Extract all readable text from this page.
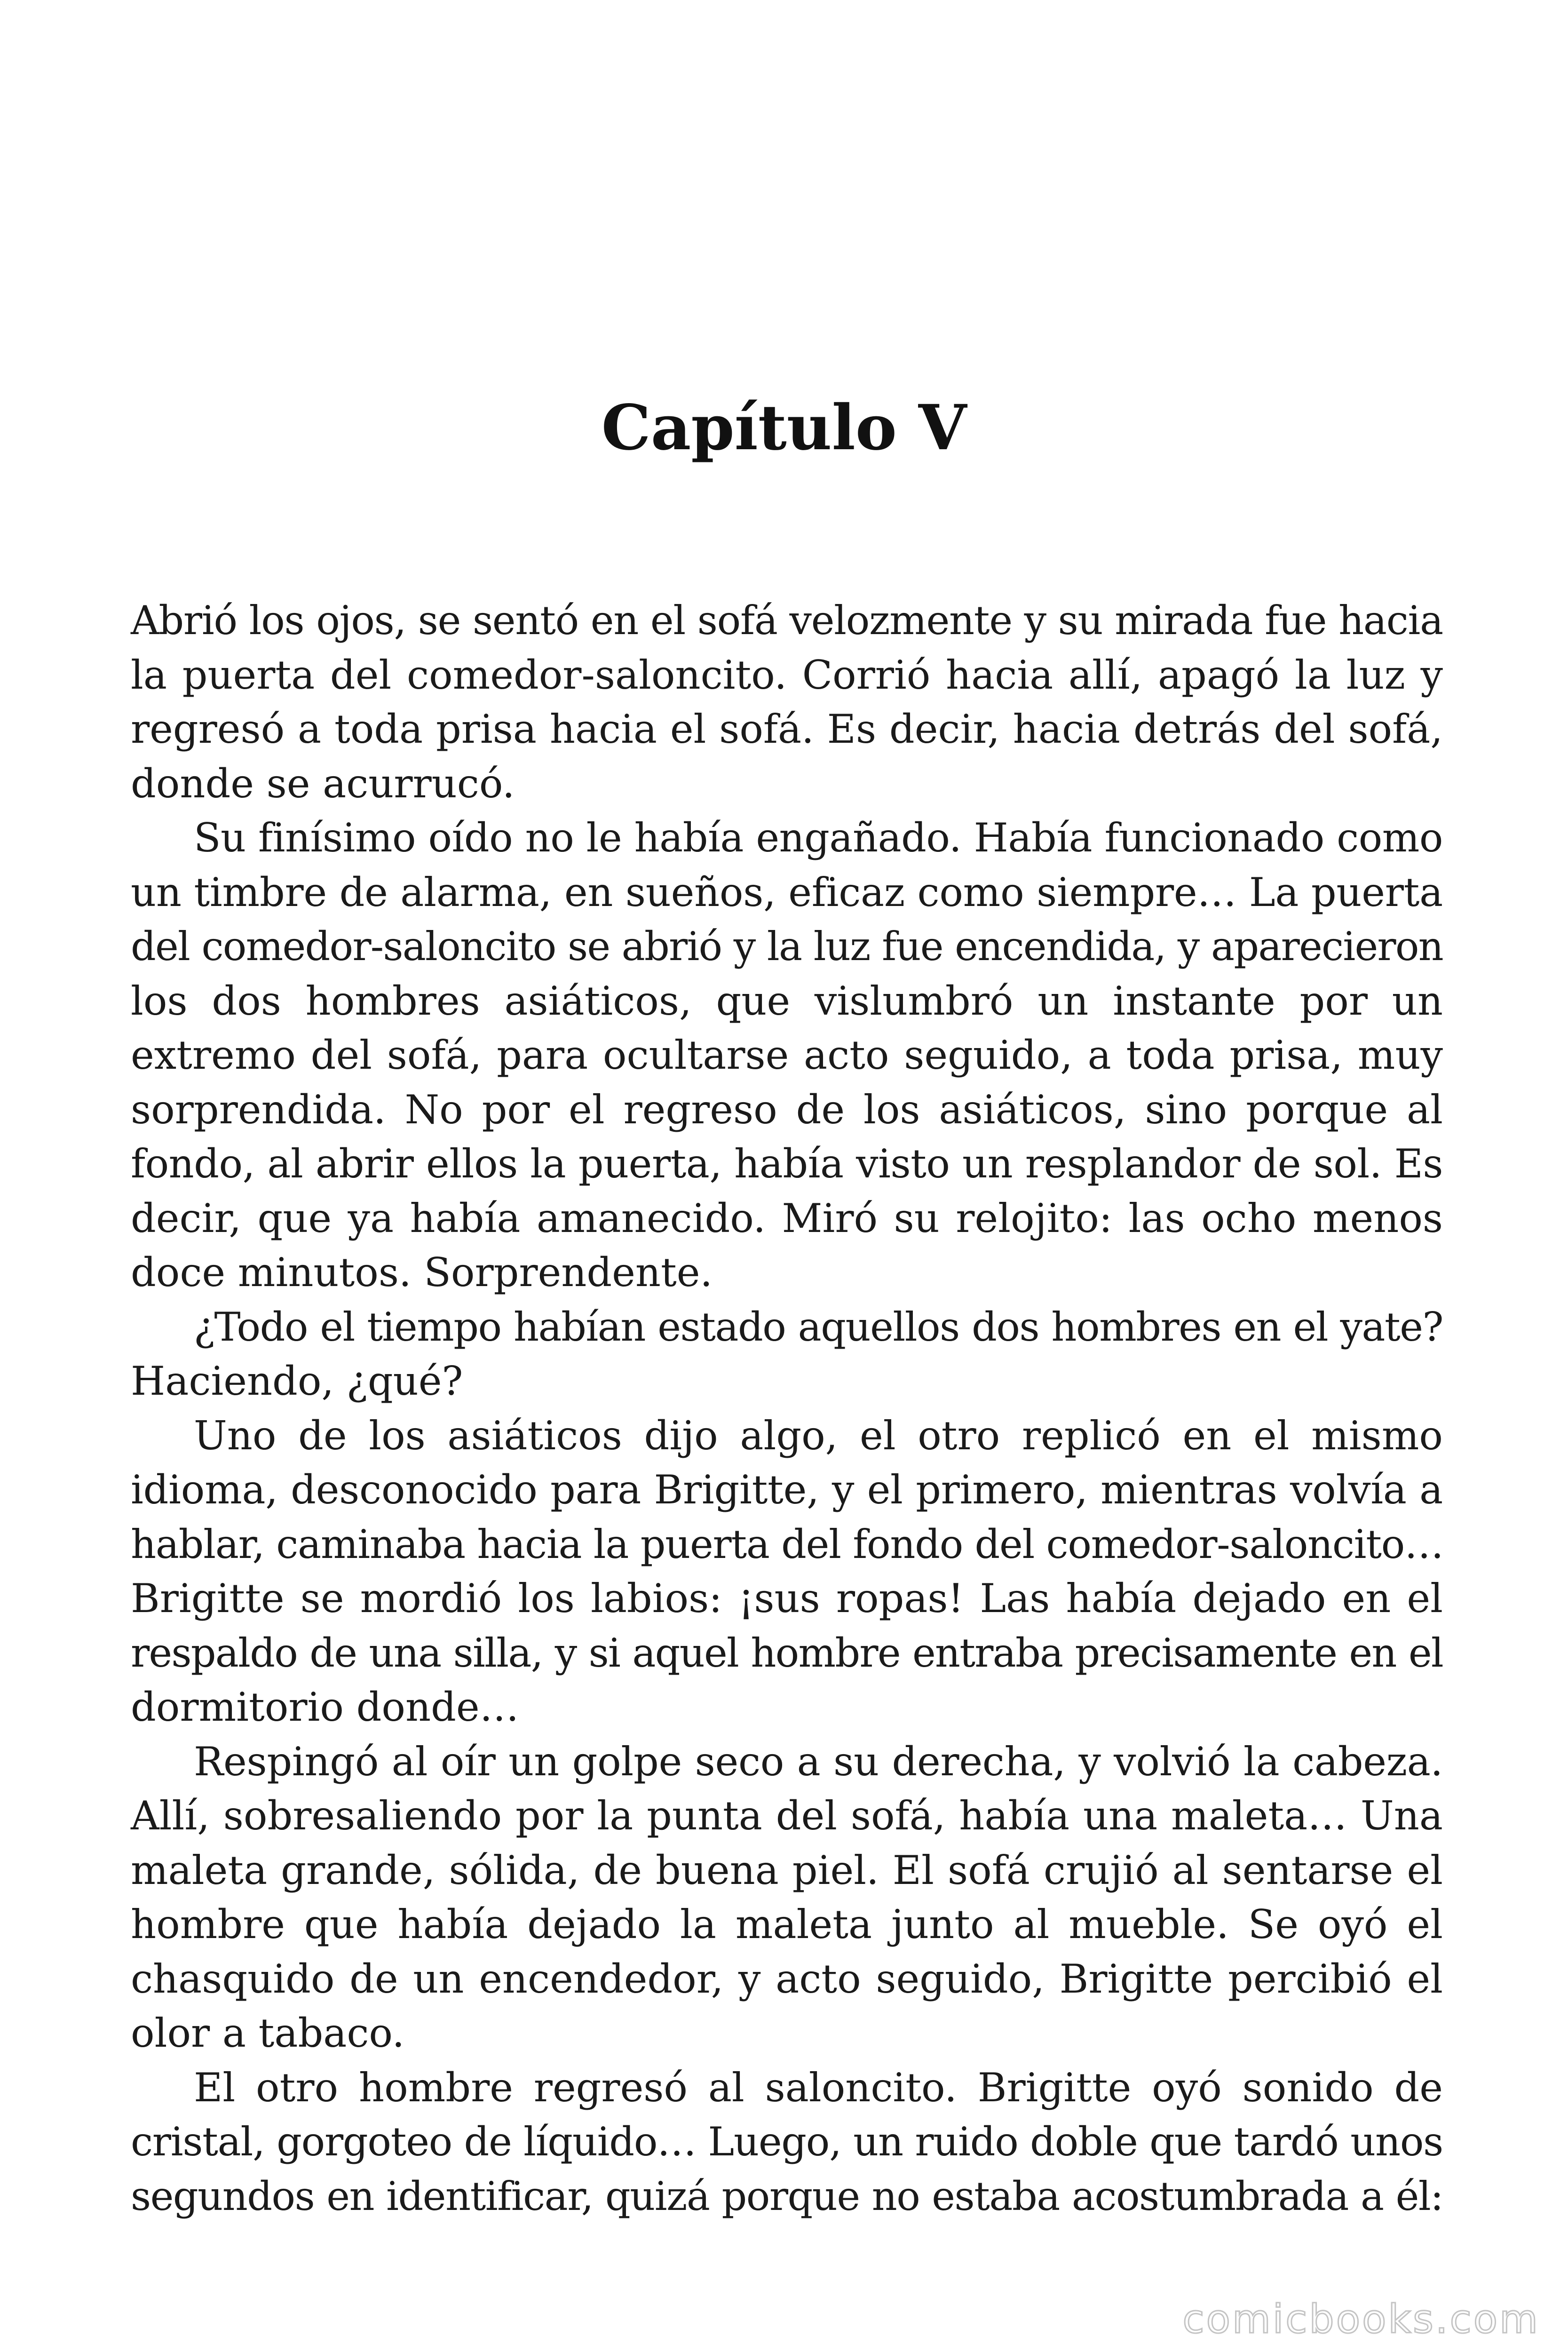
Capítulo V
Abrió los ojos, se sentó en el sofá velozmente y su mirada fue hacia
la puerta del comedor-saloncito. Corrió hacia allí, apagó la luz y
regresó a toda prisa hacia el sofá. Es decir, hacia detrás del sofá,
donde se acurrucó.
Su finísimo oído no le había engañado. Había funcionado como
un timbre de alarma, en sueños, eficaz como siempre… La puerta
del comedor-saloncito se abrió y la luz fue encendida, y aparecieron
los dos hombres asiáticos, que vislumbró un instante por un
extremo del sofá, para ocultarse acto seguido, a toda prisa, muy
sorprendida. No por el regreso de los asiáticos, sino porque al
fondo, al abrir ellos la puerta, había visto un resplandor de sol. Es
decir, que ya había amanecido. Miró su relojito: las ocho menos
doce minutos. Sorprendente.
¿Todo el tiempo habían estado aquellos dos hombres en el yate?
Haciendo, ¿qué?
Uno de los asiáticos dijo algo, el otro replicó en el mismo
idioma, desconocido para Brigitte, y el primero, mientras volvía a
hablar, caminaba hacia la puerta del fondo del comedor-saloncito…
Brigitte se mordió los labios: ¡sus ropas! Las había dejado en el
respaldo de una silla, y si aquel hombre entraba precisamente en el
dormitorio donde…
Respingó al oír un golpe seco a su derecha, y volvió la cabeza.
Allí, sobresaliendo por la punta del sofá, había una maleta… Una
maleta grande, sólida, de buena piel. El sofá crujió al sentarse el
hombre que había dejado la maleta junto al mueble. Se oyó el
chasquido de un encendedor, y acto seguido, Brigitte percibió el
olor a tabaco.
El otro hombre regresó al saloncito. Brigitte oyó sonido de
cristal, gorgoteo de líquido… Luego, un ruido doble que tardó unos
segundos en identificar, quizá porque no estaba acostumbrada a él:
comicbooks.com
